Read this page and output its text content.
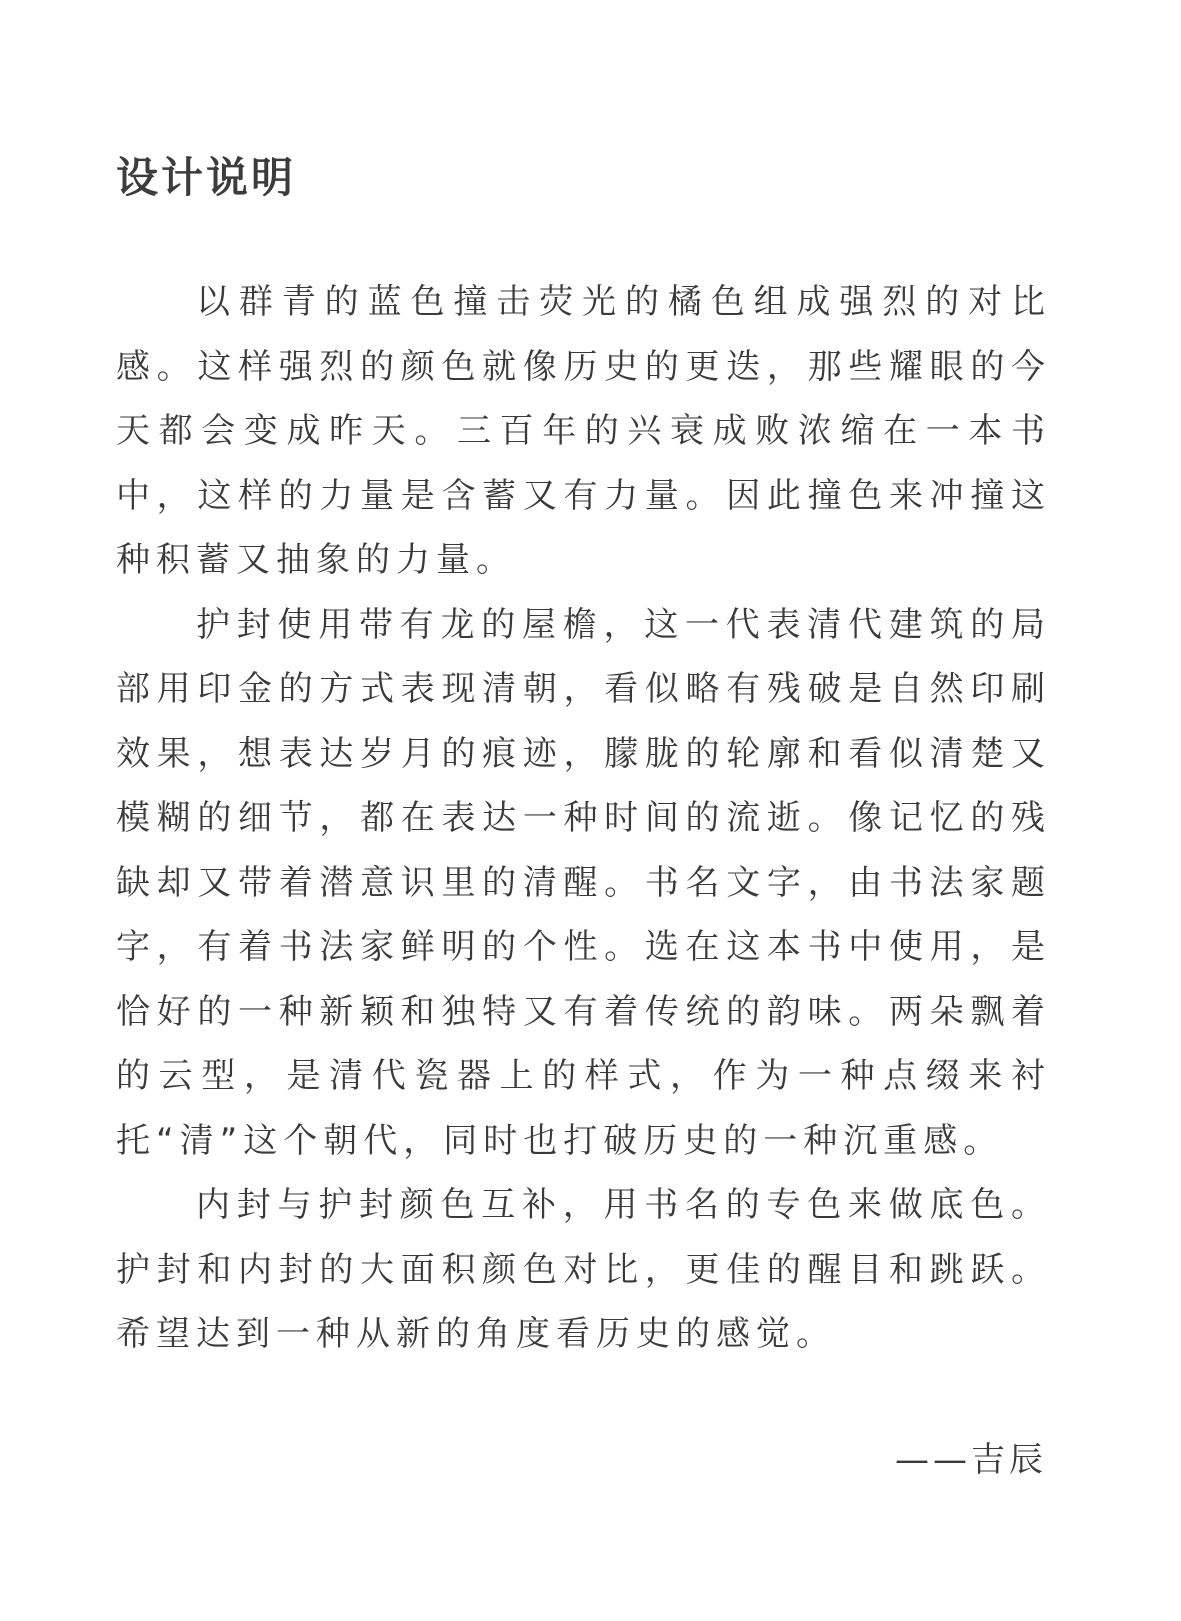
设计说明

以群青的蓝色撞击荧光的橘色组成强烈的对比感。这样强烈的颜色就像历史的更迭，那些耀眼的今天都会变成昨天。三百年的兴衰成败浓缩在一本书中，这样的力量是含蓄又有力量。因此撞色来冲撞这种积蓄又抽象的力量。

护封使用带有龙的屋檐，这一代表清代建筑的局部用印金的方式表现清朝，看似略有残破是自然印刷效果，想表达岁月的痕迹，朦胧的轮廓和看似清楚又模糊的细节，都在表达一种时间的流逝。像记忆的残缺却又带着潜意识里的清醒。书名文字，由书法家题字，有着书法家鲜明的个性。选在这本书中使用，是恰好的一种新颖和独特又有着传统的韵味。两朵飘着的云型，是清代瓷器上的样式，作为一种点缀来衬托“清”这个朝代，同时也打破历史的一种沉重感。

内封与护封颜色互补，用书名的专色来做底色。护封和内封的大面积颜色对比，更佳的醒目和跳跃。希望达到一种从新的角度看历史的感觉。

——吉辰
